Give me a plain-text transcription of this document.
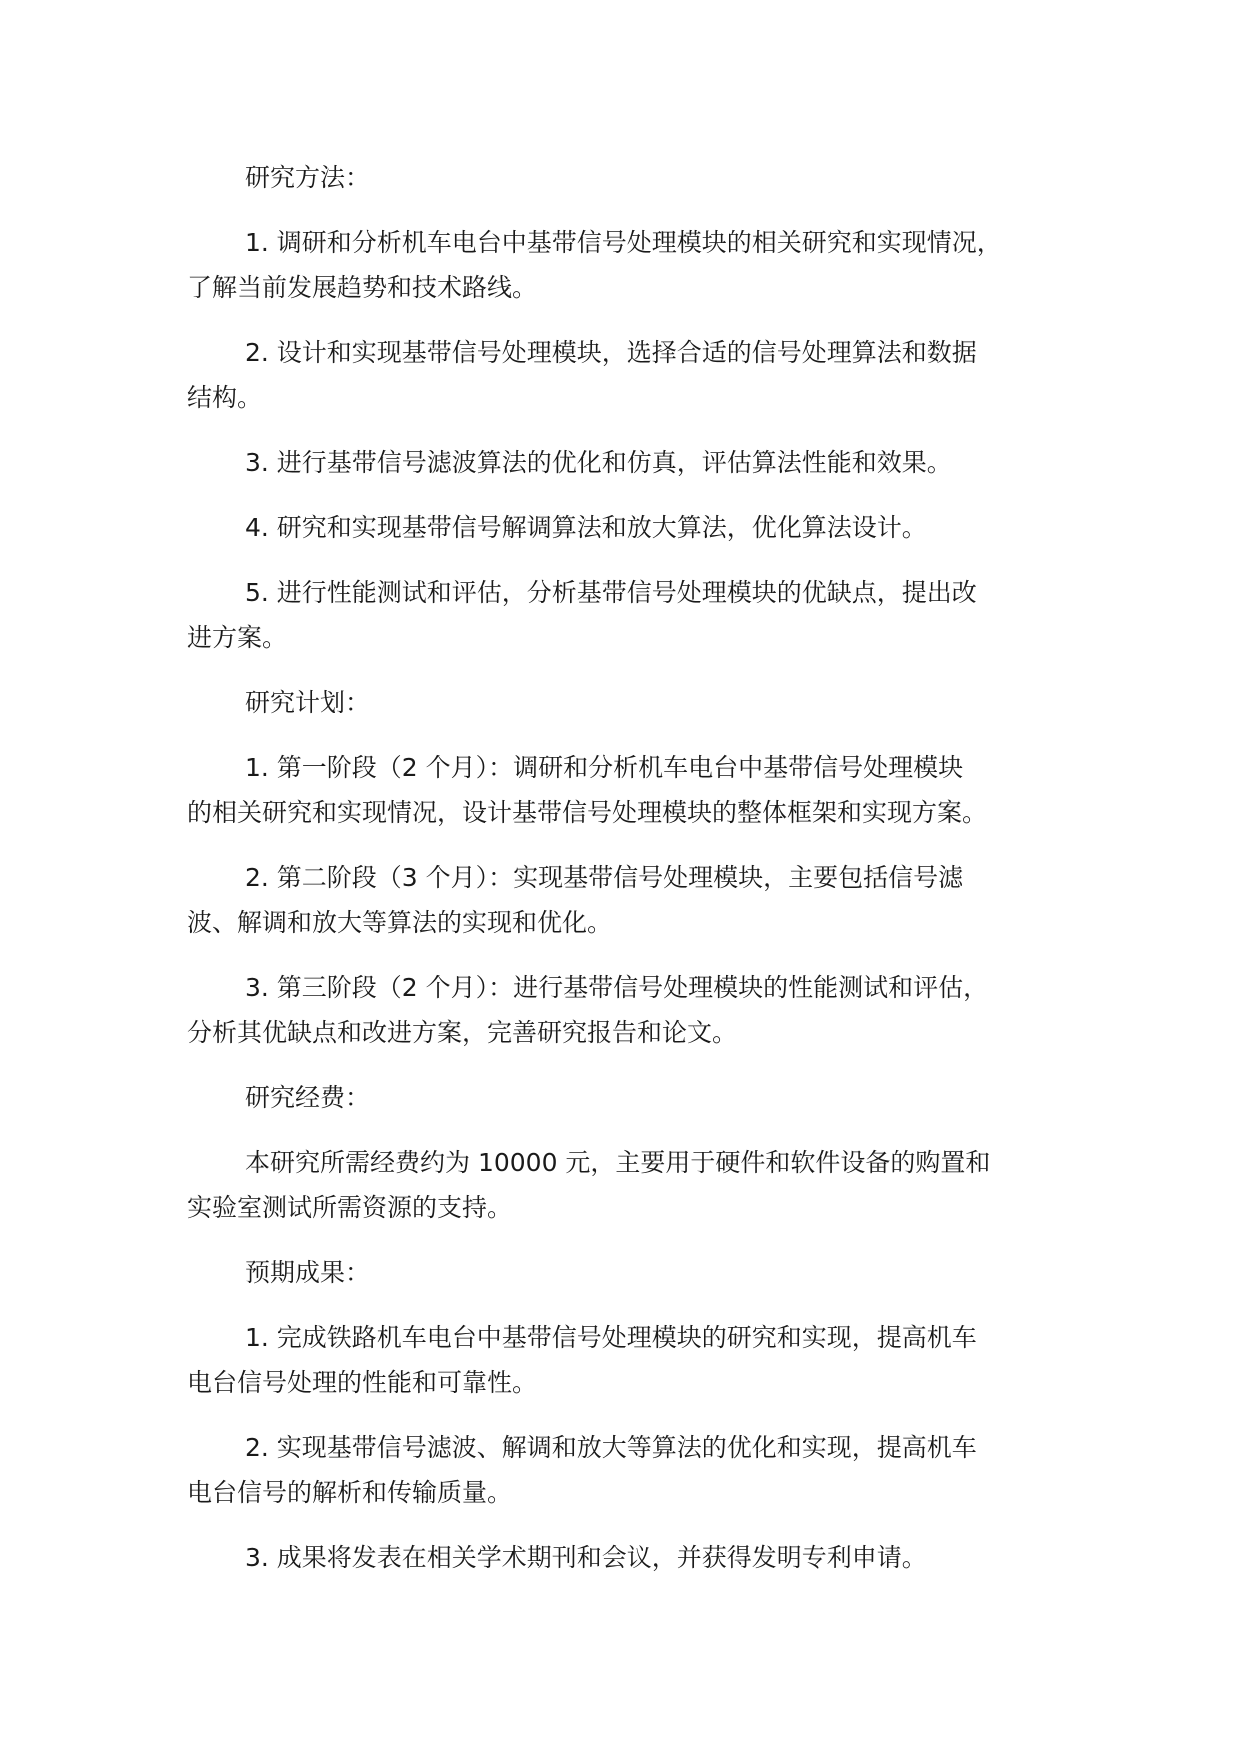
研究方法：

1. 调研和分析机车电台中基带信号处理模块的相关研究和实现情况，
了解当前发展趋势和技术路线。

2. 设计和实现基带信号处理模块，选择合适的信号处理算法和数据
结构。

3. 进行基带信号滤波算法的优化和仿真，评估算法性能和效果。

4. 研究和实现基带信号解调算法和放大算法，优化算法设计。

5. 进行性能测试和评估，分析基带信号处理模块的优缺点，提出改
进方案。

研究计划：

1. 第一阶段（2 个月）：调研和分析机车电台中基带信号处理模块
的相关研究和实现情况，设计基带信号处理模块的整体框架和实现方案。

2. 第二阶段（3 个月）：实现基带信号处理模块，主要包括信号滤
波、解调和放大等算法的实现和优化。

3. 第三阶段（2 个月）：进行基带信号处理模块的性能测试和评估，
分析其优缺点和改进方案，完善研究报告和论文。

研究经费：

本研究所需经费约为 10000 元，主要用于硬件和软件设备的购置和
实验室测试所需资源的支持。

预期成果：

1. 完成铁路机车电台中基带信号处理模块的研究和实现，提高机车
电台信号处理的性能和可靠性。

2. 实现基带信号滤波、解调和放大等算法的优化和实现，提高机车
电台信号的解析和传输质量。

3. 成果将发表在相关学术期刊和会议，并获得发明专利申请。
